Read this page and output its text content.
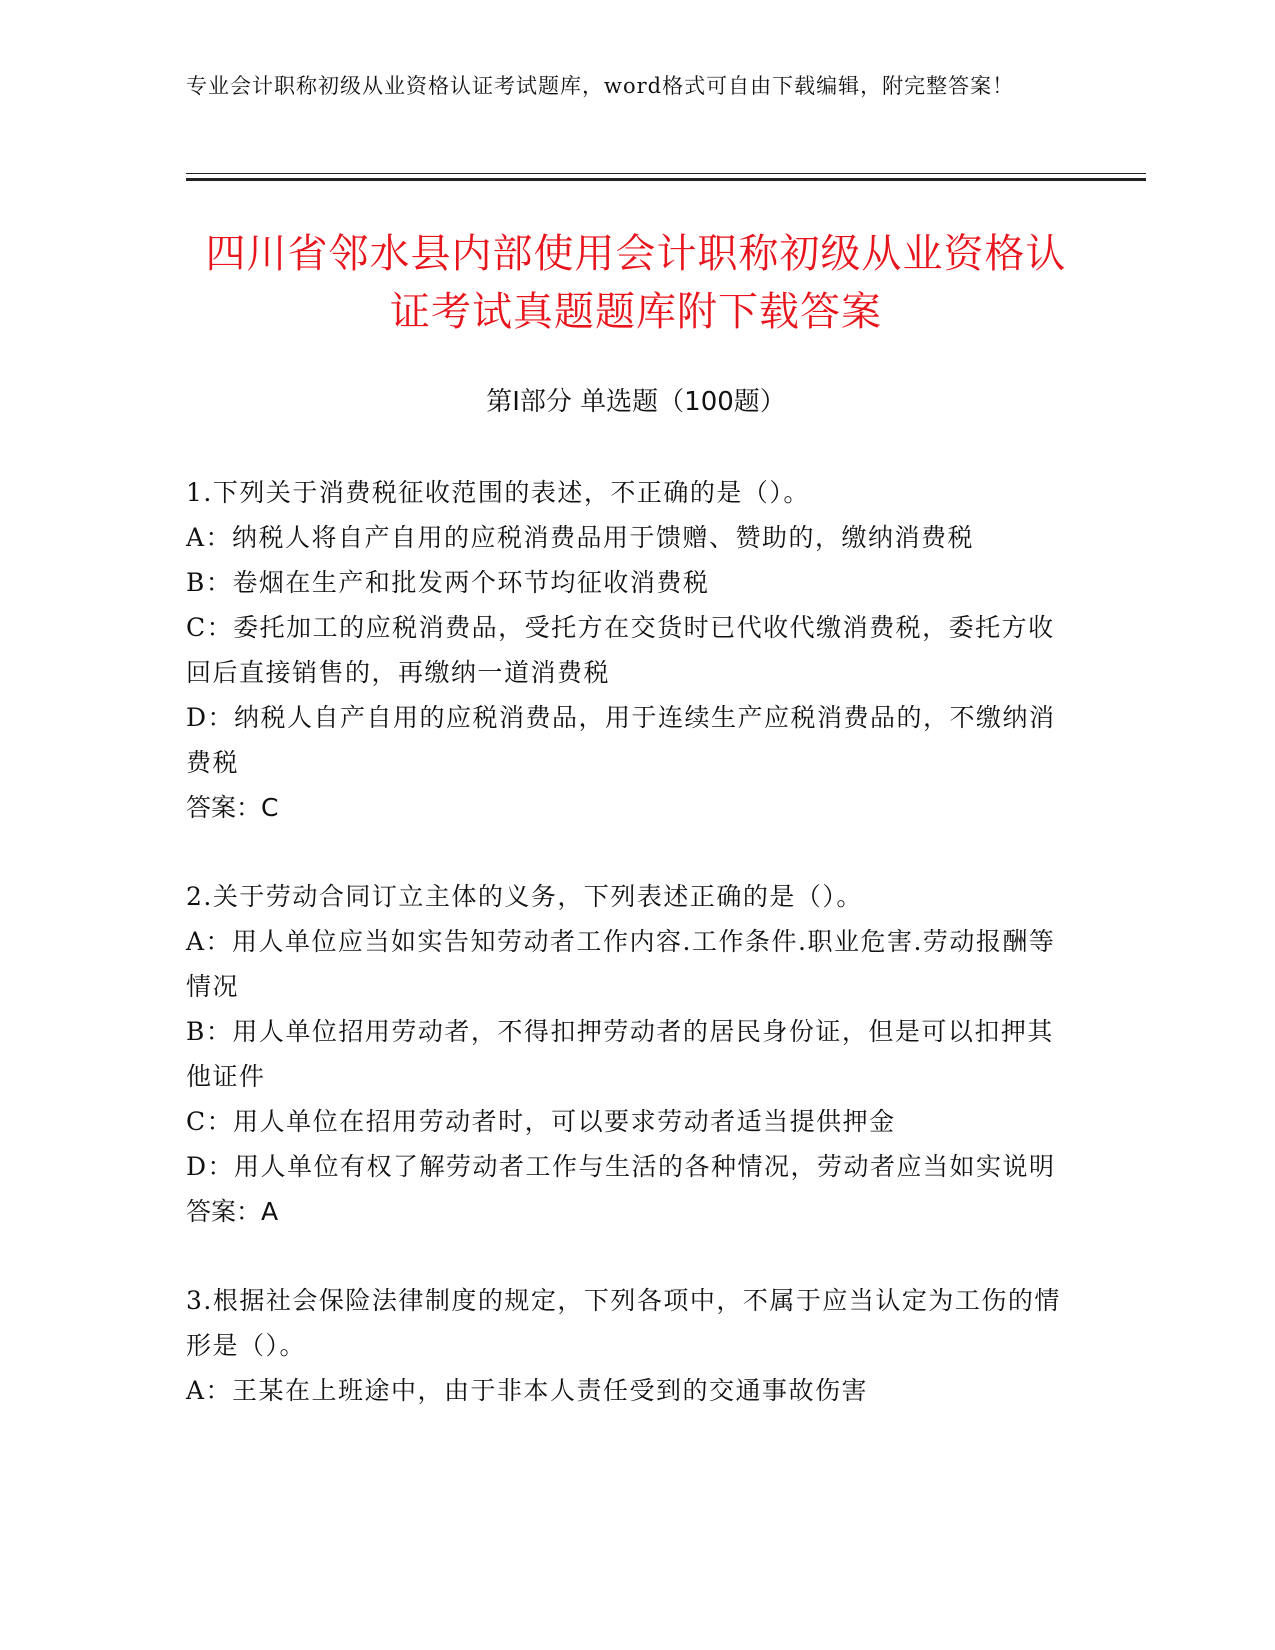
专业会计职称初级从业资格认证考试题库，word格式可自由下载编辑，附完整答案！
四川省邻水县内部使用会计职称初级从业资格认证考试真题题库附下载答案
第Ⅰ部分 单选题（100题）

1.下列关于消费税征收范围的表述，不正确的是（）。

A：纳税人将自产自用的应税消费品用于馈赠、赞助的，缴纳消费税

B：卷烟在生产和批发两个环节均征收消费税

C：委托加工的应税消费品，受托方在交货时已代收代缴消费税，委托方收回后直接销售的，再缴纳一道消费税

D：纳税人自产自用的应税消费品，用于连续生产应税消费品的，不缴纳消费税

答案：C

2.关于劳动合同订立主体的义务，下列表述正确的是（）。

A：用人单位应当如实告知劳动者工作内容.工作条件.职业危害.劳动报酬等情况

B：用人单位招用劳动者，不得扣押劳动者的居民身份证，但是可以扣押其他证件

C：用人单位在招用劳动者时，可以要求劳动者适当提供押金

D：用人单位有权了解劳动者工作与生活的各种情况，劳动者应当如实说明

答案：A

3.根据社会保险法律制度的规定，下列各项中，不属于应当认定为工伤的情形是（）。

A：王某在上班途中，由于非本人责任受到的交通事故伤害
